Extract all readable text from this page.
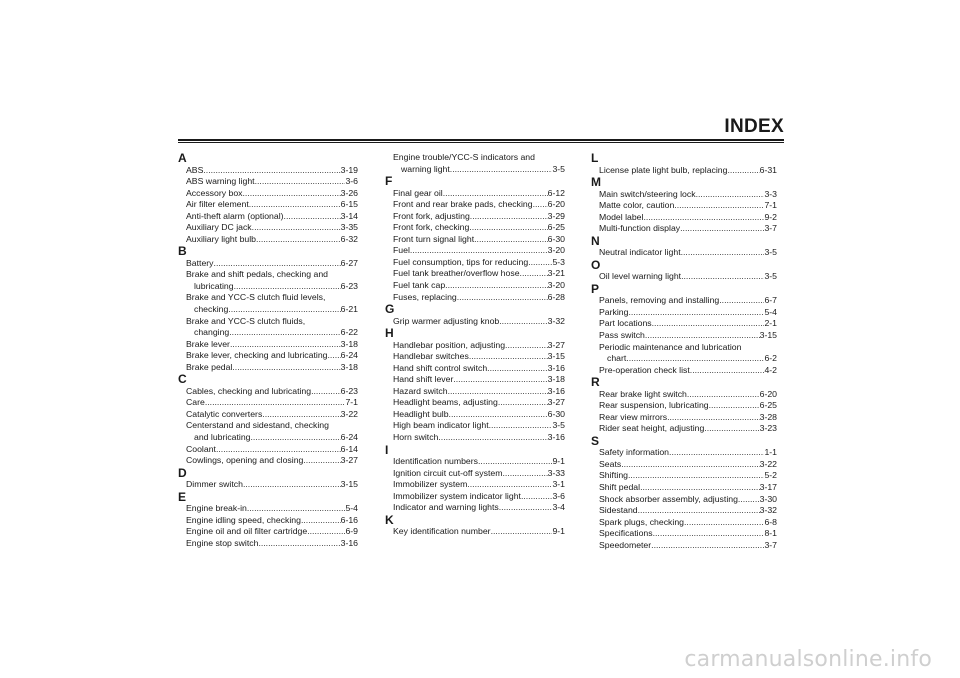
INDEX
A
ABS .....	3-19
ABS warning light .....	3-6
Accessory box .....	3-26
Air filter element .....	6-15
Anti-theft alarm (optional) .....	3-14
Auxiliary DC jack .....	3-35
Auxiliary light bulb .....	6-32
B
Battery .....	6-27
Brake and shift pedals, checking and
lubricating .....	6-23
Brake and YCC-S clutch fluid levels,
checking .....	6-21
Brake and YCC-S clutch fluids,
changing .....	6-22
Brake lever .....	3-18
Brake lever, checking and lubricating ..... 6-24
Brake pedal .....	3-18
C
Cables, checking and lubricating .....	6-23
Care .....	7-1
Catalytic converters .....	3-22
Centerstand and sidestand, checking
and lubricating .....	6-24
Coolant .....	6-14
Cowlings, opening and closing .....	3-27
D
Dimmer switch .....	3-15
E
Engine break-in .....	5-4
Engine idling speed, checking .....	6-16
Engine oil and oil filter cartridge .....	6-9
Engine stop switch .....	3-16
Engine trouble/YCC-S indicators and
warning light .....	3-5
F
Final gear oil .....	6-12
Front and rear brake pads, checking ..... 6-20
Front fork, adjusting .....	3-29
Front fork, checking .....	6-25
Front turn signal light .....	6-30
Fuel .....	3-20
Fuel consumption, tips for reducing .....	5-3
Fuel tank breather/overflow hose .....	3-21
Fuel tank cap .....	3-20
Fuses, replacing .....	6-28
G
Grip warmer adjusting knob .....	3-32
H
Handlebar position, adjusting .....	3-27
Handlebar switches .....	3-15
Hand shift control switch .....	3-16
Hand shift lever .....	3-18
Hazard switch .....	3-16
Headlight beams, adjusting .....	3-27
Headlight bulb .....	6-30
High beam indicator light .....	3-5
Horn switch .....	3-16
I
Identification numbers .....	9-1
Ignition circuit cut-off system .....	3-33
Immobilizer system .....	3-1
Immobilizer system indicator light .....	3-6
Indicator and warning lights .....	3-4
K
Key identification number .....	9-1
L
License plate light bulb, replacing .....	6-31
M
Main switch/steering lock .....	3-3
Matte color, caution .....	7-1
Model label .....	9-2
Multi-function display .....	3-7
N
Neutral indicator light .....	3-5
O
Oil level warning light .....	3-5
P
Panels, removing and installing .....	6-7
Parking .....	5-4
Part locations .....	2-1
Pass switch .....	3-15
Periodic maintenance and lubrication
chart .....	6-2
Pre-operation check list .....	4-2
R
Rear brake light switch .....	6-20
Rear suspension, lubricating .....	6-25
Rear view mirrors .....	3-28
Rider seat height, adjusting .....	3-23
S
Safety information .....	1-1
Seats .....	3-22
Shifting .....	5-2
Shift pedal .....	3-17
Shock absorber assembly, adjusting ..... 3-30
Sidestand .....	3-32
Spark plugs, checking .....	6-8
Specifications .....	8-1
Speedometer .....	3-7
carmanualsonline.info
